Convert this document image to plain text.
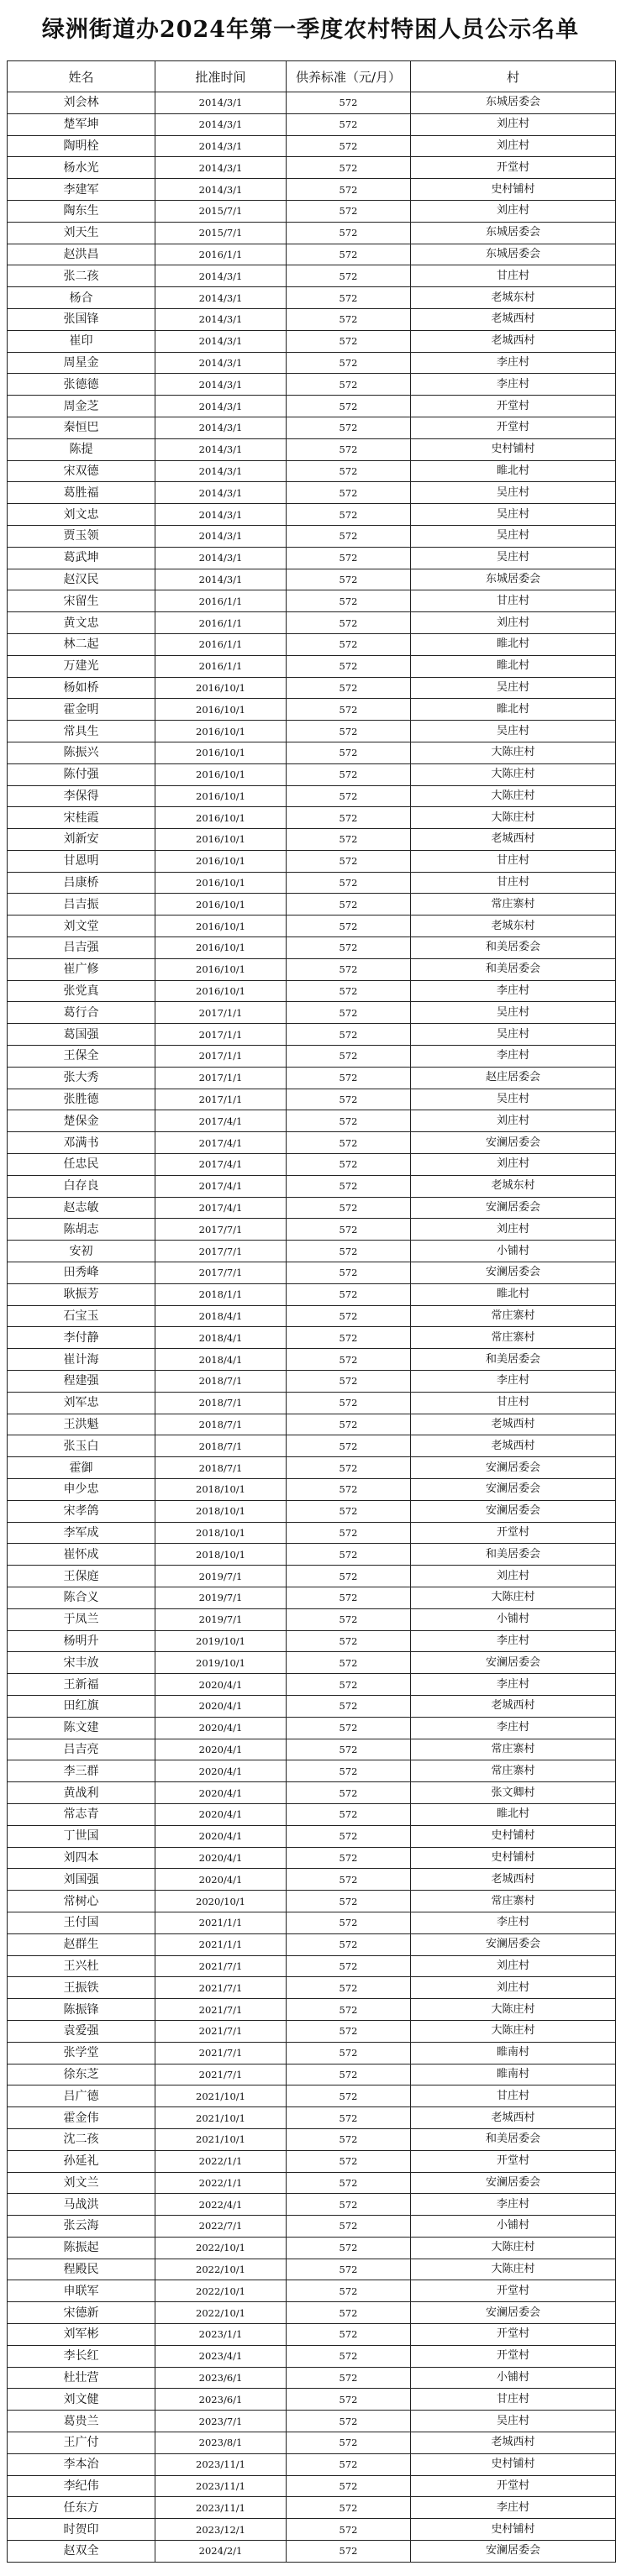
绿洲街道办2024年第一季度农村特困人员公示名单
姓名	批准时间	供养标准（元/月）	村
刘会林	2014/3/1	572	东城居委会
楚军坤	2014/3/1	572	刘庄村
陶明栓	2014/3/1	572	刘庄村
杨水光	2014/3/1	572	开堂村
李建军	2014/3/1	572	史村铺村
陶东生	2015/7/1	572	刘庄村
刘天生	2015/7/1	572	东城居委会
赵洪昌	2016/1/1	572	东城居委会
张二孩	2014/3/1	572	甘庄村
杨合	2014/3/1	572	老城东村
张国锋	2014/3/1	572	老城西村
崔印	2014/3/1	572	老城西村
周星金	2014/3/1	572	李庄村
张德德	2014/3/1	572	李庄村
周金芝	2014/3/1	572	开堂村
秦恒巴	2014/3/1	572	开堂村
陈提	2014/3/1	572	史村铺村
宋双德	2014/3/1	572	睢北村
葛胜福	2014/3/1	572	吴庄村
刘文忠	2014/3/1	572	吴庄村
贾玉领	2014/3/1	572	吴庄村
葛武坤	2014/3/1	572	吴庄村
赵汉民	2014/3/1	572	东城居委会
宋留生	2016/1/1	572	甘庄村
黄文忠	2016/1/1	572	刘庄村
林二起	2016/1/1	572	睢北村
万建光	2016/1/1	572	睢北村
杨如桥	2016/10/1	572	吴庄村
霍金明	2016/10/1	572	睢北村
常具生	2016/10/1	572	吴庄村
陈振兴	2016/10/1	572	大陈庄村
陈付强	2016/10/1	572	大陈庄村
李保得	2016/10/1	572	大陈庄村
宋桂霞	2016/10/1	572	大陈庄村
刘新安	2016/10/1	572	老城西村
甘恩明	2016/10/1	572	甘庄村
吕康桥	2016/10/1	572	甘庄村
吕吉振	2016/10/1	572	常庄寨村
刘文堂	2016/10/1	572	老城东村
吕吉强	2016/10/1	572	和美居委会
崔广修	2016/10/1	572	和美居委会
张党真	2016/10/1	572	李庄村
葛行合	2017/1/1	572	吴庄村
葛国强	2017/1/1	572	吴庄村
王保全	2017/1/1	572	李庄村
张大秀	2017/1/1	572	赵庄居委会
张胜德	2017/1/1	572	吴庄村
楚保金	2017/4/1	572	刘庄村
邓满书	2017/4/1	572	安澜居委会
任忠民	2017/4/1	572	刘庄村
白存良	2017/4/1	572	老城东村
赵志敏	2017/4/1	572	安澜居委会
陈胡志	2017/7/1	572	刘庄村
安初	2017/7/1	572	小铺村
田秀峰	2017/7/1	572	安澜居委会
耿振芳	2018/1/1	572	睢北村
石宝玉	2018/4/1	572	常庄寨村
李付静	2018/4/1	572	常庄寨村
崔计海	2018/4/1	572	和美居委会
程建强	2018/7/1	572	李庄村
刘军忠	2018/7/1	572	甘庄村
王洪魁	2018/7/1	572	老城西村
张玉白	2018/7/1	572	老城西村
霍御	2018/7/1	572	安澜居委会
申少忠	2018/10/1	572	安澜居委会
宋孝鸽	2018/10/1	572	安澜居委会
李军成	2018/10/1	572	开堂村
崔怀成	2018/10/1	572	和美居委会
王保庭	2019/7/1	572	刘庄村
陈合义	2019/7/1	572	大陈庄村
于凤兰	2019/7/1	572	小铺村
杨明升	2019/10/1	572	李庄村
宋丰放	2019/10/1	572	安澜居委会
王新福	2020/4/1	572	李庄村
田红旗	2020/4/1	572	老城西村
陈文建	2020/4/1	572	李庄村
吕吉亮	2020/4/1	572	常庄寨村
李三群	2020/4/1	572	常庄寨村
黄战利	2020/4/1	572	张文卿村
常志青	2020/4/1	572	睢北村
丁世国	2020/4/1	572	史村铺村
刘四本	2020/4/1	572	史村铺村
刘国强	2020/4/1	572	老城西村
常树心	2020/10/1	572	常庄寨村
王付国	2021/1/1	572	李庄村
赵群生	2021/1/1	572	安澜居委会
王兴杜	2021/7/1	572	刘庄村
王振铁	2021/7/1	572	刘庄村
陈振锋	2021/7/1	572	大陈庄村
袁爱强	2021/7/1	572	大陈庄村
张学堂	2021/7/1	572	睢南村
徐东芝	2021/7/1	572	睢南村
吕广德	2021/10/1	572	甘庄村
霍金伟	2021/10/1	572	老城西村
沈二孩	2021/10/1	572	和美居委会
孙延礼	2022/1/1	572	开堂村
刘文兰	2022/1/1	572	安澜居委会
马战洪	2022/4/1	572	李庄村
张云海	2022/7/1	572	小铺村
陈振起	2022/10/1	572	大陈庄村
程殿民	2022/10/1	572	大陈庄村
申联军	2022/10/1	572	开堂村
宋德新	2022/10/1	572	安澜居委会
刘军彬	2023/1/1	572	开堂村
李长红	2023/4/1	572	开堂村
杜壮营	2023/6/1	572	小铺村
刘文健	2023/6/1	572	甘庄村
葛贵兰	2023/7/1	572	吴庄村
王广付	2023/8/1	572	老城西村
李本治	2023/11/1	572	史村铺村
李纪伟	2023/11/1	572	开堂村
任东方	2023/11/1	572	李庄村
时贺印	2023/12/1	572	史村铺村
赵双全	2024/2/1	572	安澜居委会
